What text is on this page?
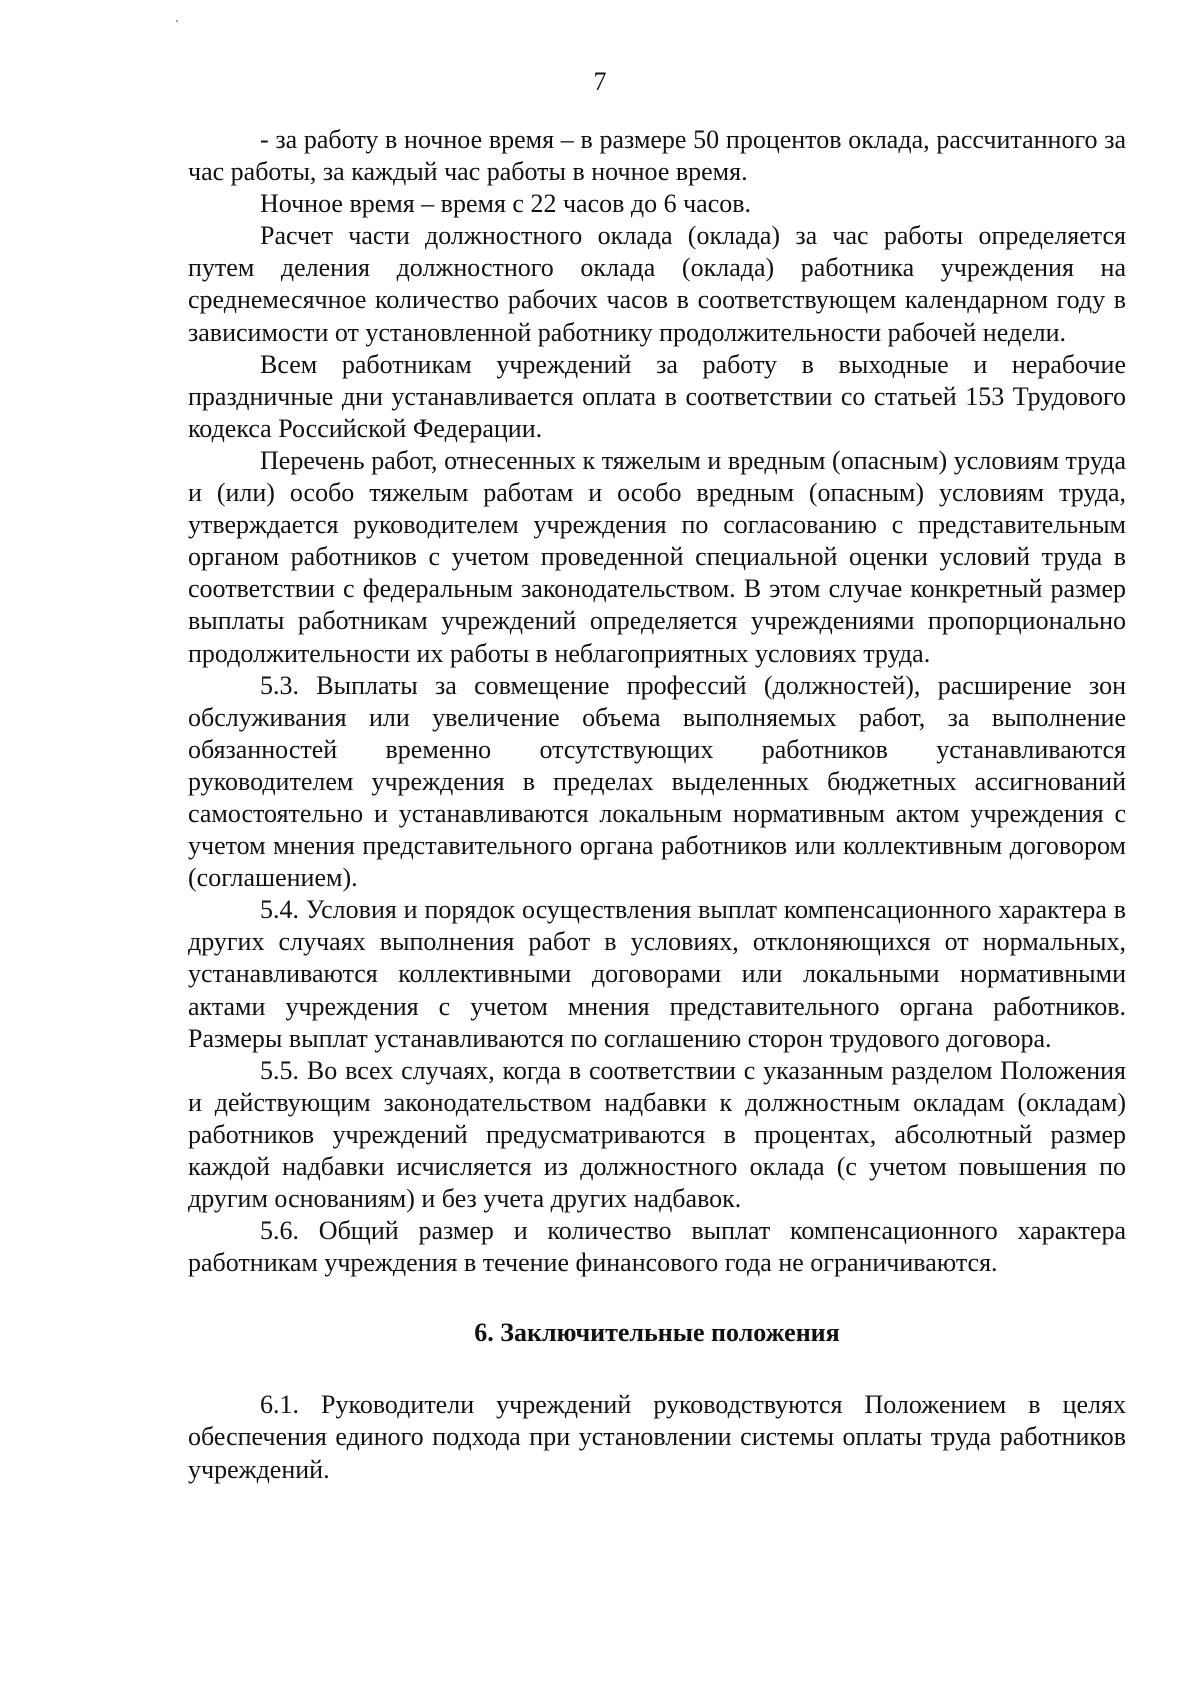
7

- за работу в ночное время – в размере 50 процентов оклада, рассчитанного за час работы, за каждый час работы в ночное время.

Ночное время – время с 22 часов до 6 часов.

Расчет части должностного оклада (оклада) за час работы определяется путем деления должностного оклада (оклада) работника учреждения на среднемесячное количество рабочих часов в соответствующем календарном году в зависимости от установленной работнику продолжительности рабочей недели.

Всем работникам учреждений за работу в выходные и нерабочие праздничные дни устанавливается оплата в соответствии со статьей 153 Трудового кодекса Российской Федерации.

Перечень работ, отнесенных к тяжелым и вредным (опасным) условиям труда и (или) особо тяжелым работам и особо вредным (опасным) условиям труда, утверждается руководителем учреждения по согласованию с представительным органом работников с учетом проведенной специальной оценки условий труда в соответствии с федеральным законодательством. В этом случае конкретный размер выплаты работникам учреждений определяется учреждениями пропорционально продолжительности их работы в неблагоприятных условиях труда.

5.3. Выплаты за совмещение профессий (должностей), расширение зон обслуживания или увеличение объема выполняемых работ, за выполнение обязанностей временно отсутствующих работников устанавливаются руководителем учреждения в пределах выделенных бюджетных ассигнований самостоятельно и устанавливаются локальным нормативным актом учреждения с учетом мнения представительного органа работников или коллективным договором (соглашением).

5.4. Условия и порядок осуществления выплат компенсационного характера в других случаях выполнения работ в условиях, отклоняющихся от нормальных, устанавливаются коллективными договорами или локальными нормативными актами учреждения с учетом мнения представительного органа работников. Размеры выплат устанавливаются по соглашению сторон трудового договора.

5.5. Во всех случаях, когда в соответствии с указанным разделом Положения и действующим законодательством надбавки к должностным окладам (окладам) работников учреждений предусматриваются в процентах, абсолютный размер каждой надбавки исчисляется из должностного оклада (с учетом повышения по другим основаниям) и без учета других надбавок.

5.6. Общий размер и количество выплат компенсационного характера работникам учреждения в течение финансового года не ограничиваются.

6. Заключительные положения

6.1. Руководители учреждений руководствуются Положением в целях обеспечения единого подхода при установлении системы оплаты труда работников учреждений.
